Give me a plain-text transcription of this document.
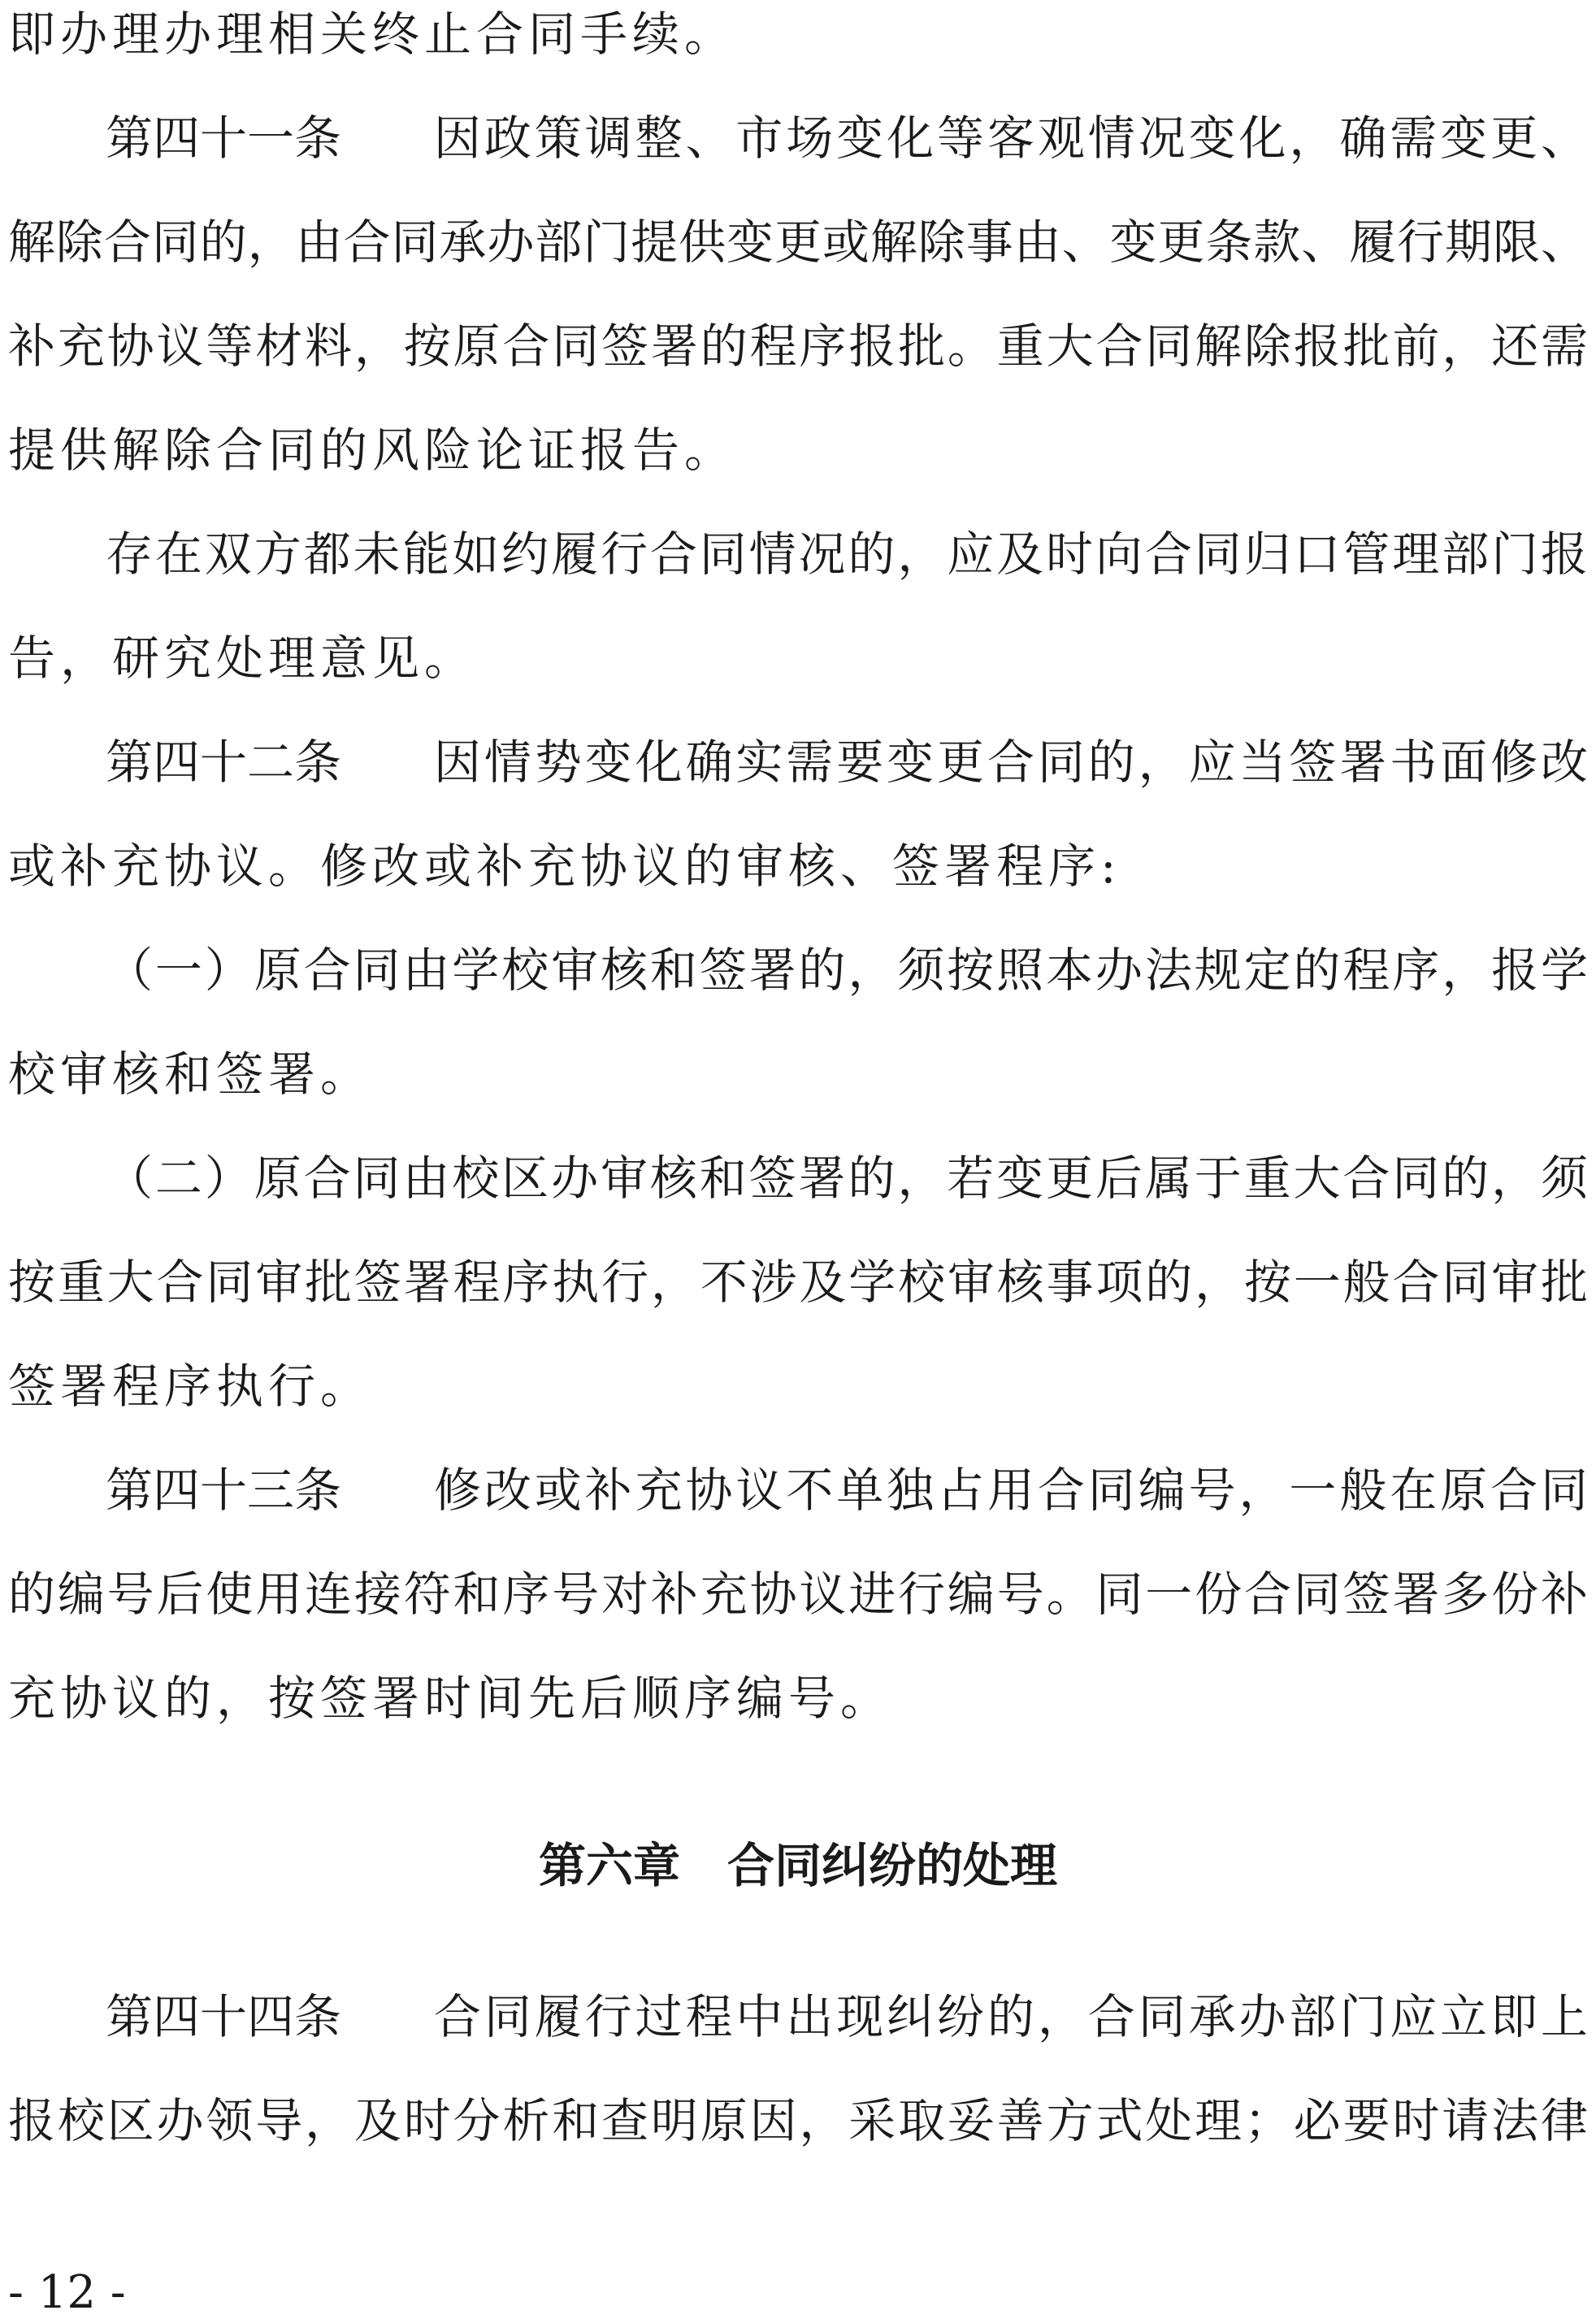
即办理办理相关终止合同手续。
第四十一条 因政策调整、市场变化等客观情况变化，确需变更、
解除合同的，由合同承办部门提供变更或解除事由、变更条款、履行期限、
补充协议等材料，按原合同签署的程序报批。重大合同解除报批前，还需
提供解除合同的风险论证报告。
存在双方都未能如约履行合同情况的，应及时向合同归口管理部门报
告，研究处理意见。
第四十二条 因情势变化确实需要变更合同的，应当签署书面修改
或补充协议。修改或补充协议的审核、签署程序:
（一）原合同由学校审核和签署的，须按照本办法规定的程序，报学
校审核和签署。
（二）原合同由校区办审核和签署的，若变更后属于重大合同的，须
按重大合同审批签署程序执行，不涉及学校审核事项的，按一般合同审批
签署程序执行。
第四十三条 修改或补充协议不单独占用合同编号，一般在原合同
的编号后使用连接符和序号对补充协议进行编号。同一份合同签署多份补
充协议的，按签署时间先后顺序编号。
第六章　合同纠纷的处理
第四十四条 合同履行过程中出现纠纷的，合同承办部门应立即上
报校区办领导，及时分析和查明原因，采取妥善方式处理；必要时请法律
- 12 -
